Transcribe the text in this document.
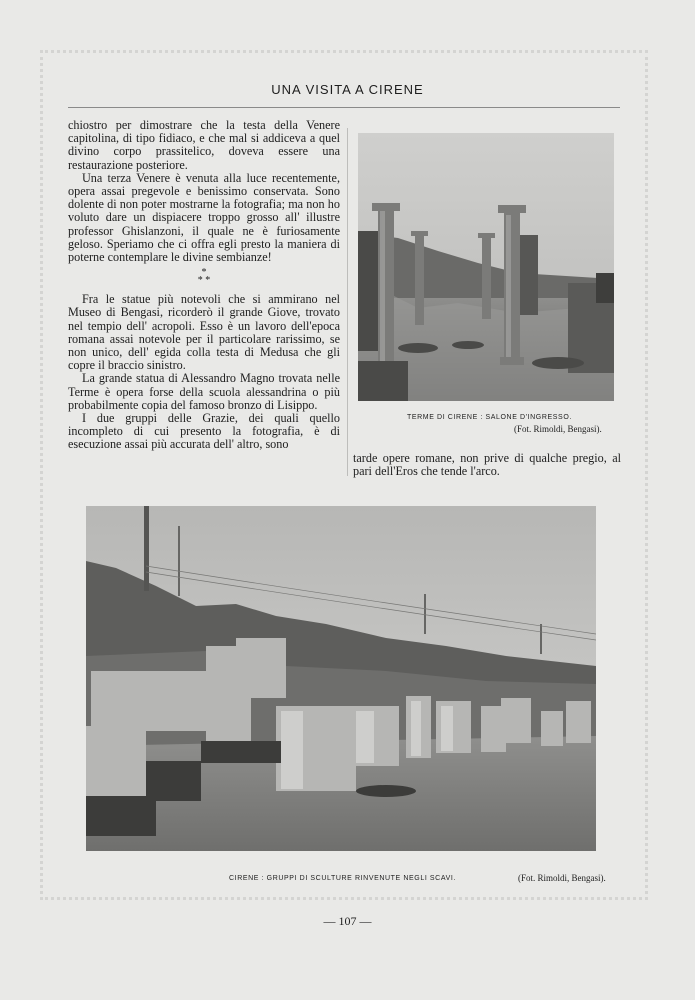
UNA VISITA A CIRENE

chiostro per dimostrare che la testa della Venere capitolina, di tipo fidiaco, e che mal si addiceva a quel divino corpo prassitelico, doveva essere una restaurazione posteriore.

Una terza Venere è venuta alla luce recentemente, opera assai pregevole e benissimo conservata. Sono dolente di non poter mostrarne la fotografia; ma non ho voluto dare un dispiacere troppo grosso all' illustre professor Ghislanzoni, il quale ne è furiosamente geloso. Speriamo che ci offra egli presto la maniera di poterne contemplare le divine sembianze!

*
* *

Fra le statue più notevoli che si ammirano nel Museo di Bengasi, ricorderò il grande Giove, trovato nel tempio dell' acropoli. Esso è un lavoro dell'epoca romana assai notevole per il particolare rarissimo, se non unico, dell' egida colla testa di Medusa che gli copre il braccio sinistro.

La grande statua di Alessandro Magno trovata nelle Terme è opera forse della scuola alessandrina o più probabilmente copia del famoso bronzo di Lisippo.

I due gruppi delle Grazie, dei quali quello incompleto di cui presento la fotografia, è di esecuzione assai più accurata dell' altro, sono

TERME DI CIRENE : SALONE D'INGRESSO.
(Fot. Rimoldi, Bengasi).

tarde opere romane, non prive di qualche pregio, al pari dell'Eros che tende l'arco.

CIRENE : GRUPPI DI SCULTURE RINVENUTE NEGLI SCAVI.	(Fot. Rimoldi, Bengasi).
— 107 —
